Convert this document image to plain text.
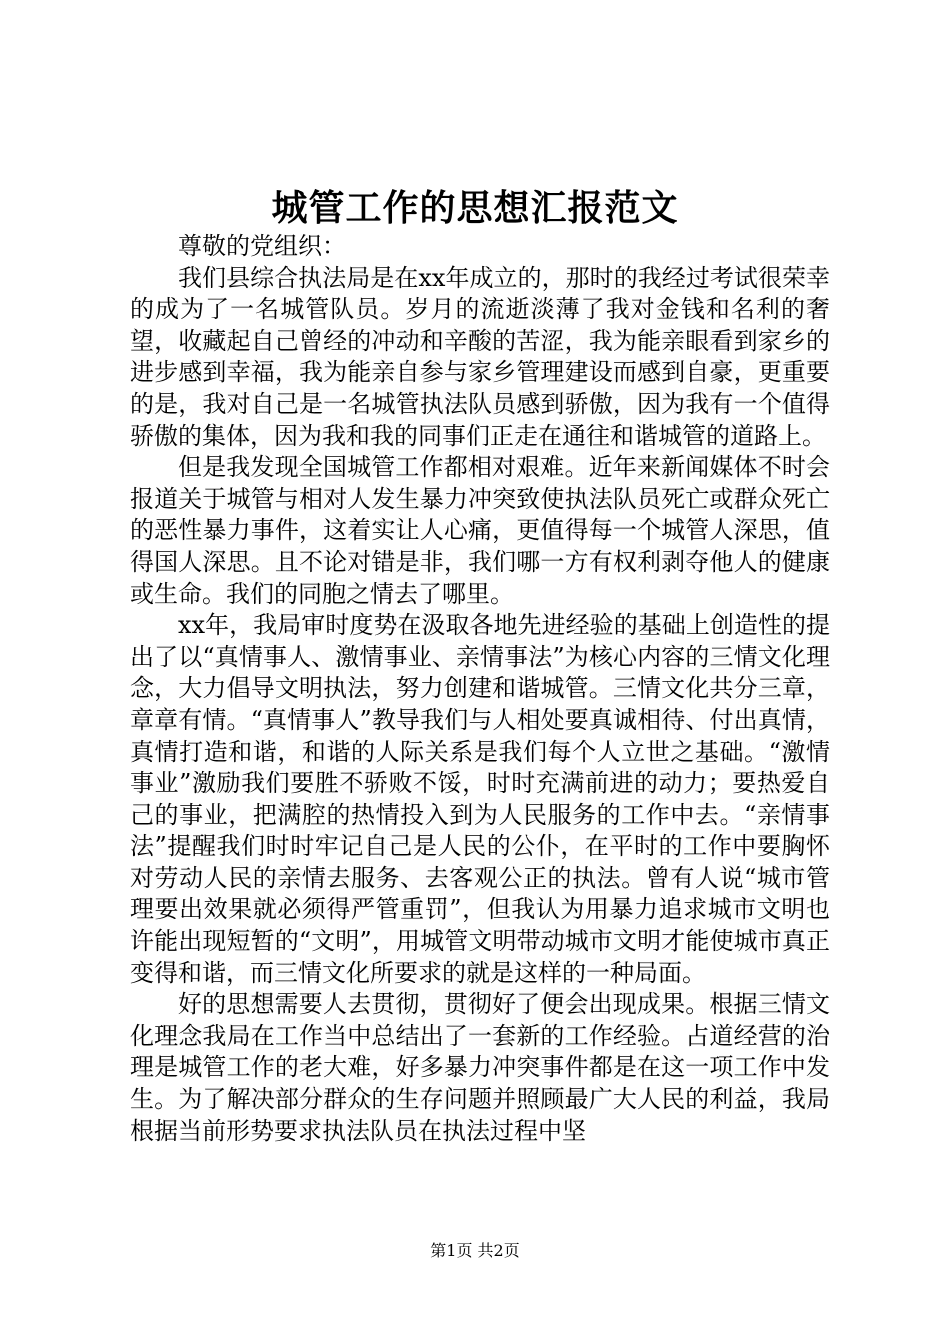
城管工作的思想汇报范文

尊敬的党组织：

我们县综合执法局是在xx年成立的，那时的我经过考试很荣幸的成为了一名城管队员。岁月的流逝淡薄了我对金钱和名利的奢望，收藏起自己曾经的冲动和辛酸的苦涩，我为能亲眼看到家乡的进步感到幸福，我为能亲自参与家乡管理建设而感到自豪，更重要的是，我对自己是一名城管执法队员感到骄傲，因为我有一个值得骄傲的集体，因为我和我的同事们正走在通往和谐城管的道路上。

但是我发现全国城管工作都相对艰难。近年来新闻媒体不时会报道关于城管与相对人发生暴力冲突致使执法队员死亡或群众死亡的恶性暴力事件，这着实让人心痛，更值得每一个城管人深思，值得国人深思。且不论对错是非，我们哪一方有权利剥夺他人的健康或生命。我们的同胞之情去了哪里。

xx年，我局审时度势在汲取各地先进经验的基础上创造性的提出了以“真情事人、激情事业、亲情事法”为核心内容的三情文化理念，大力倡导文明执法，努力创建和谐城管。三情文化共分三章，章章有情。“真情事人”教导我们与人相处要真诚相待、付出真情，真情打造和谐，和谐的人际关系是我们每个人立世之基础。“激情事业”激励我们要胜不骄败不馁，时时充满前进的动力；要热爱自己的事业，把满腔的热情投入到为人民服务的工作中去。“亲情事法”提醒我们时时牢记自己是人民的公仆，在平时的工作中要胸怀对劳动人民的亲情去服务、去客观公正的执法。曾有人说“城市管理要出效果就必须得严管重罚”，但我认为用暴力追求城市文明也许能出现短暂的“文明”，用城管文明带动城市文明才能使城市真正变得和谐，而三情文化所要求的就是这样的一种局面。

好的思想需要人去贯彻，贯彻好了便会出现成果。根据三情文化理念我局在工作当中总结出了一套新的工作经验。占道经营的治理是城管工作的老大难，好多暴力冲突事件都是在这一项工作中发生。为了解决部分群众的生存问题并照顾最广大人民的利益，我局根据当前形势要求执法队员在执法过程中坚

第1页 共2页
